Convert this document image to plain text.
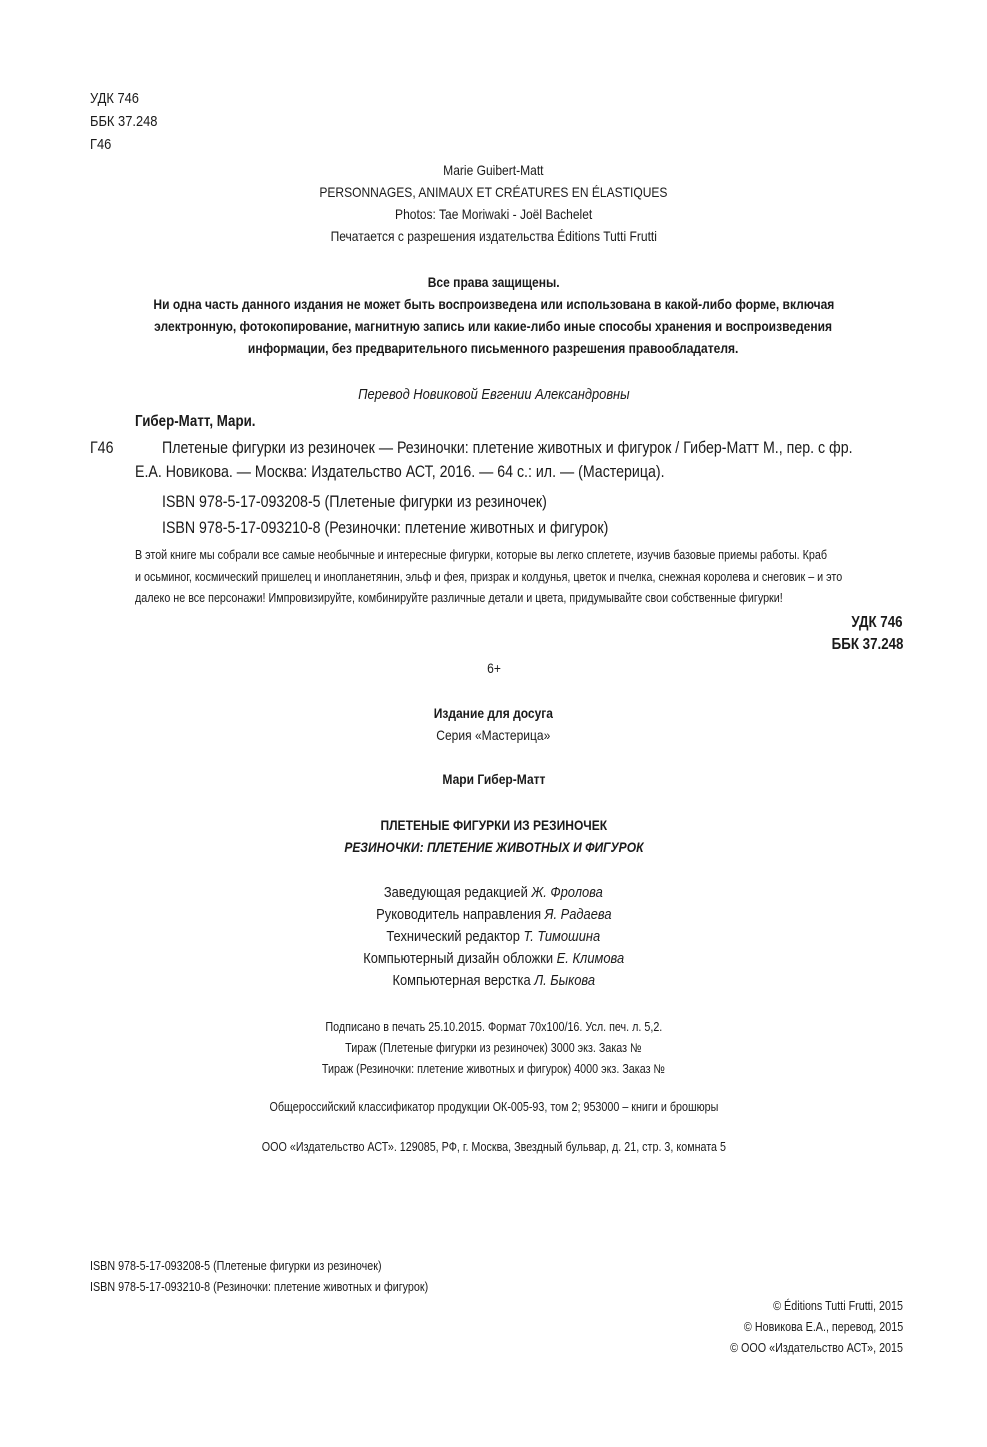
УДК 746
ББК 37.248
Г46
Marie Guibert-Matt
PERSONNAGES, ANIMAUX ET CRÉATURES EN ÉLASTIQUES
Photos: Tae Moriwaki - Joël Bachelet
Печатается с разрешения издательства Éditions Tutti Frutti
Все права защищены.
Ни одна часть данного издания не может быть воспроизведена или использована в какой-либо форме, включая
электронную, фотокопирование, магнитную запись или какие-либо иные способы хранения и воспроизведения
информации, без предварительного письменного разрешения правообладателя.
Перевод Новиковой Евгении Александровны
Гибер-Матт, Мари.
Г46	Плетеные фигурки из резиночек — Резиночки: плетение животных и фигурок / Гибер-Матт М., пер. с фр.
Е.А. Новикова. — Москва: Издательство АСТ, 2016. — 64 с.: ил. — (Мастерица).
ISBN 978-5-17-093208-5 (Плетеные фигурки из резиночек)
ISBN 978-5-17-093210-8 (Резиночки: плетение животных и фигурок)
В этой книге мы собрали все самые необычные и интересные фигурки, которые вы легко сплетете, изучив базовые приемы работы. Краб
и осьминог, космический пришелец и инопланетянин, эльф и фея, призрак и колдунья, цветок и пчелка, снежная королева и снеговик – и это
далеко не все персонажи! Импровизируйте, комбинируйте различные детали и цвета, придумывайте свои собственные фигурки!
УДК 746
ББК 37.248
6+
Издание для досуга
Серия «Мастерица»
Мари Гибер-Матт
ПЛЕТЕНЫЕ ФИГУРКИ ИЗ РЕЗИНОЧЕК
РЕЗИНОЧКИ: ПЛЕТЕНИЕ ЖИВОТНЫХ И ФИГУРОК
Заведующая редакцией Ж. Фролова
Руководитель направления Я. Радаева
Технический редактор Т. Тимошина
Компьютерный дизайн обложки Е. Климова
Компьютерная верстка Л. Быкова
Подписано в печать 25.10.2015. Формат 70x100/16. Усл. печ. л. 5,2.
Тираж (Плетеные фигурки из резиночек) 3000 экз. Заказ №
Тираж (Резиночки: плетение животных и фигурок) 4000 экз. Заказ №
Общероссийский классификатор продукции ОК-005-93, том 2; 953000 – книги и брошюры
ООО «Издательство АСТ». 129085, РФ, г. Москва, Звездный бульвар, д. 21, стр. 3, комната 5
ISBN 978-5-17-093208-5 (Плетеные фигурки из резиночек)
ISBN 978-5-17-093210-8 (Резиночки: плетение животных и фигурок)
© Éditions Tutti Frutti, 2015
© Новикова Е.А., перевод, 2015
© ООО «Издательство АСТ», 2015
